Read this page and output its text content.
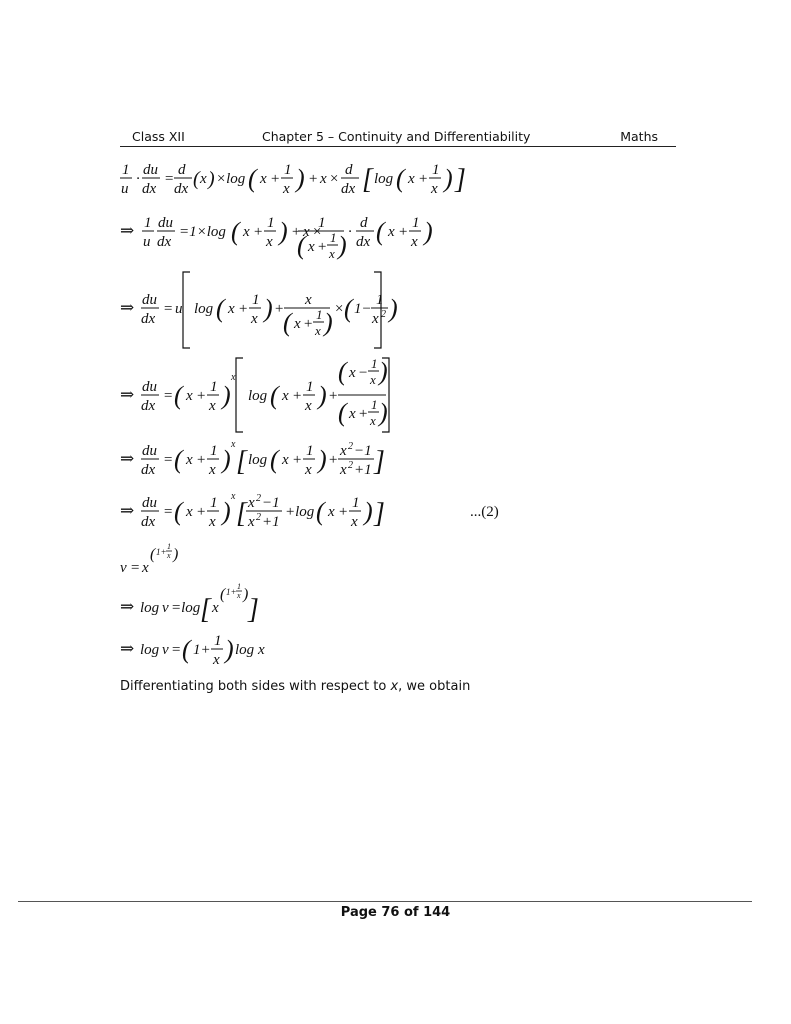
Class XII	Chapter 5 – Continuity and Differentiability	Maths
1
u
·
du
dx
=
d
dx ( x ) ×log ( x +
1
x ) + x ×
d
dx [ log ( x +
1
x ) ]
⇒ 1
u
du
dx
=1×log ( x +
1
x ) + x ×
1
( x +
1
x ) ·
d
dx ( x +
1
x )
⇒ du
dx
= u log ( x +
1
x ) +
x
( x +
1
x ) × ( 1−
1
x 2 )
⇒ du
dx
= ( x +
1
x )
x
log ( x +
1
x ) +
( x −
1
x )
( x +
1
x )
⇒ du
dx
= ( x +
1
x )
x
[ log ( x +
1
x ) +
x 2 −1
x 2 +1 ]
⇒ du
dx
= ( x +
1
x )
x
[ x 2 −1
x 2 +1
+log ( x +
1
x ) ]	...(2)
v = x
( 1+
1
x )
⇒ log v =log [ x
( 1+
1
x ) ]
⇒ log v = ( 1+
1
x ) log x
Differentiating both sides with respect to x, we obtain
Page 76 of 144
